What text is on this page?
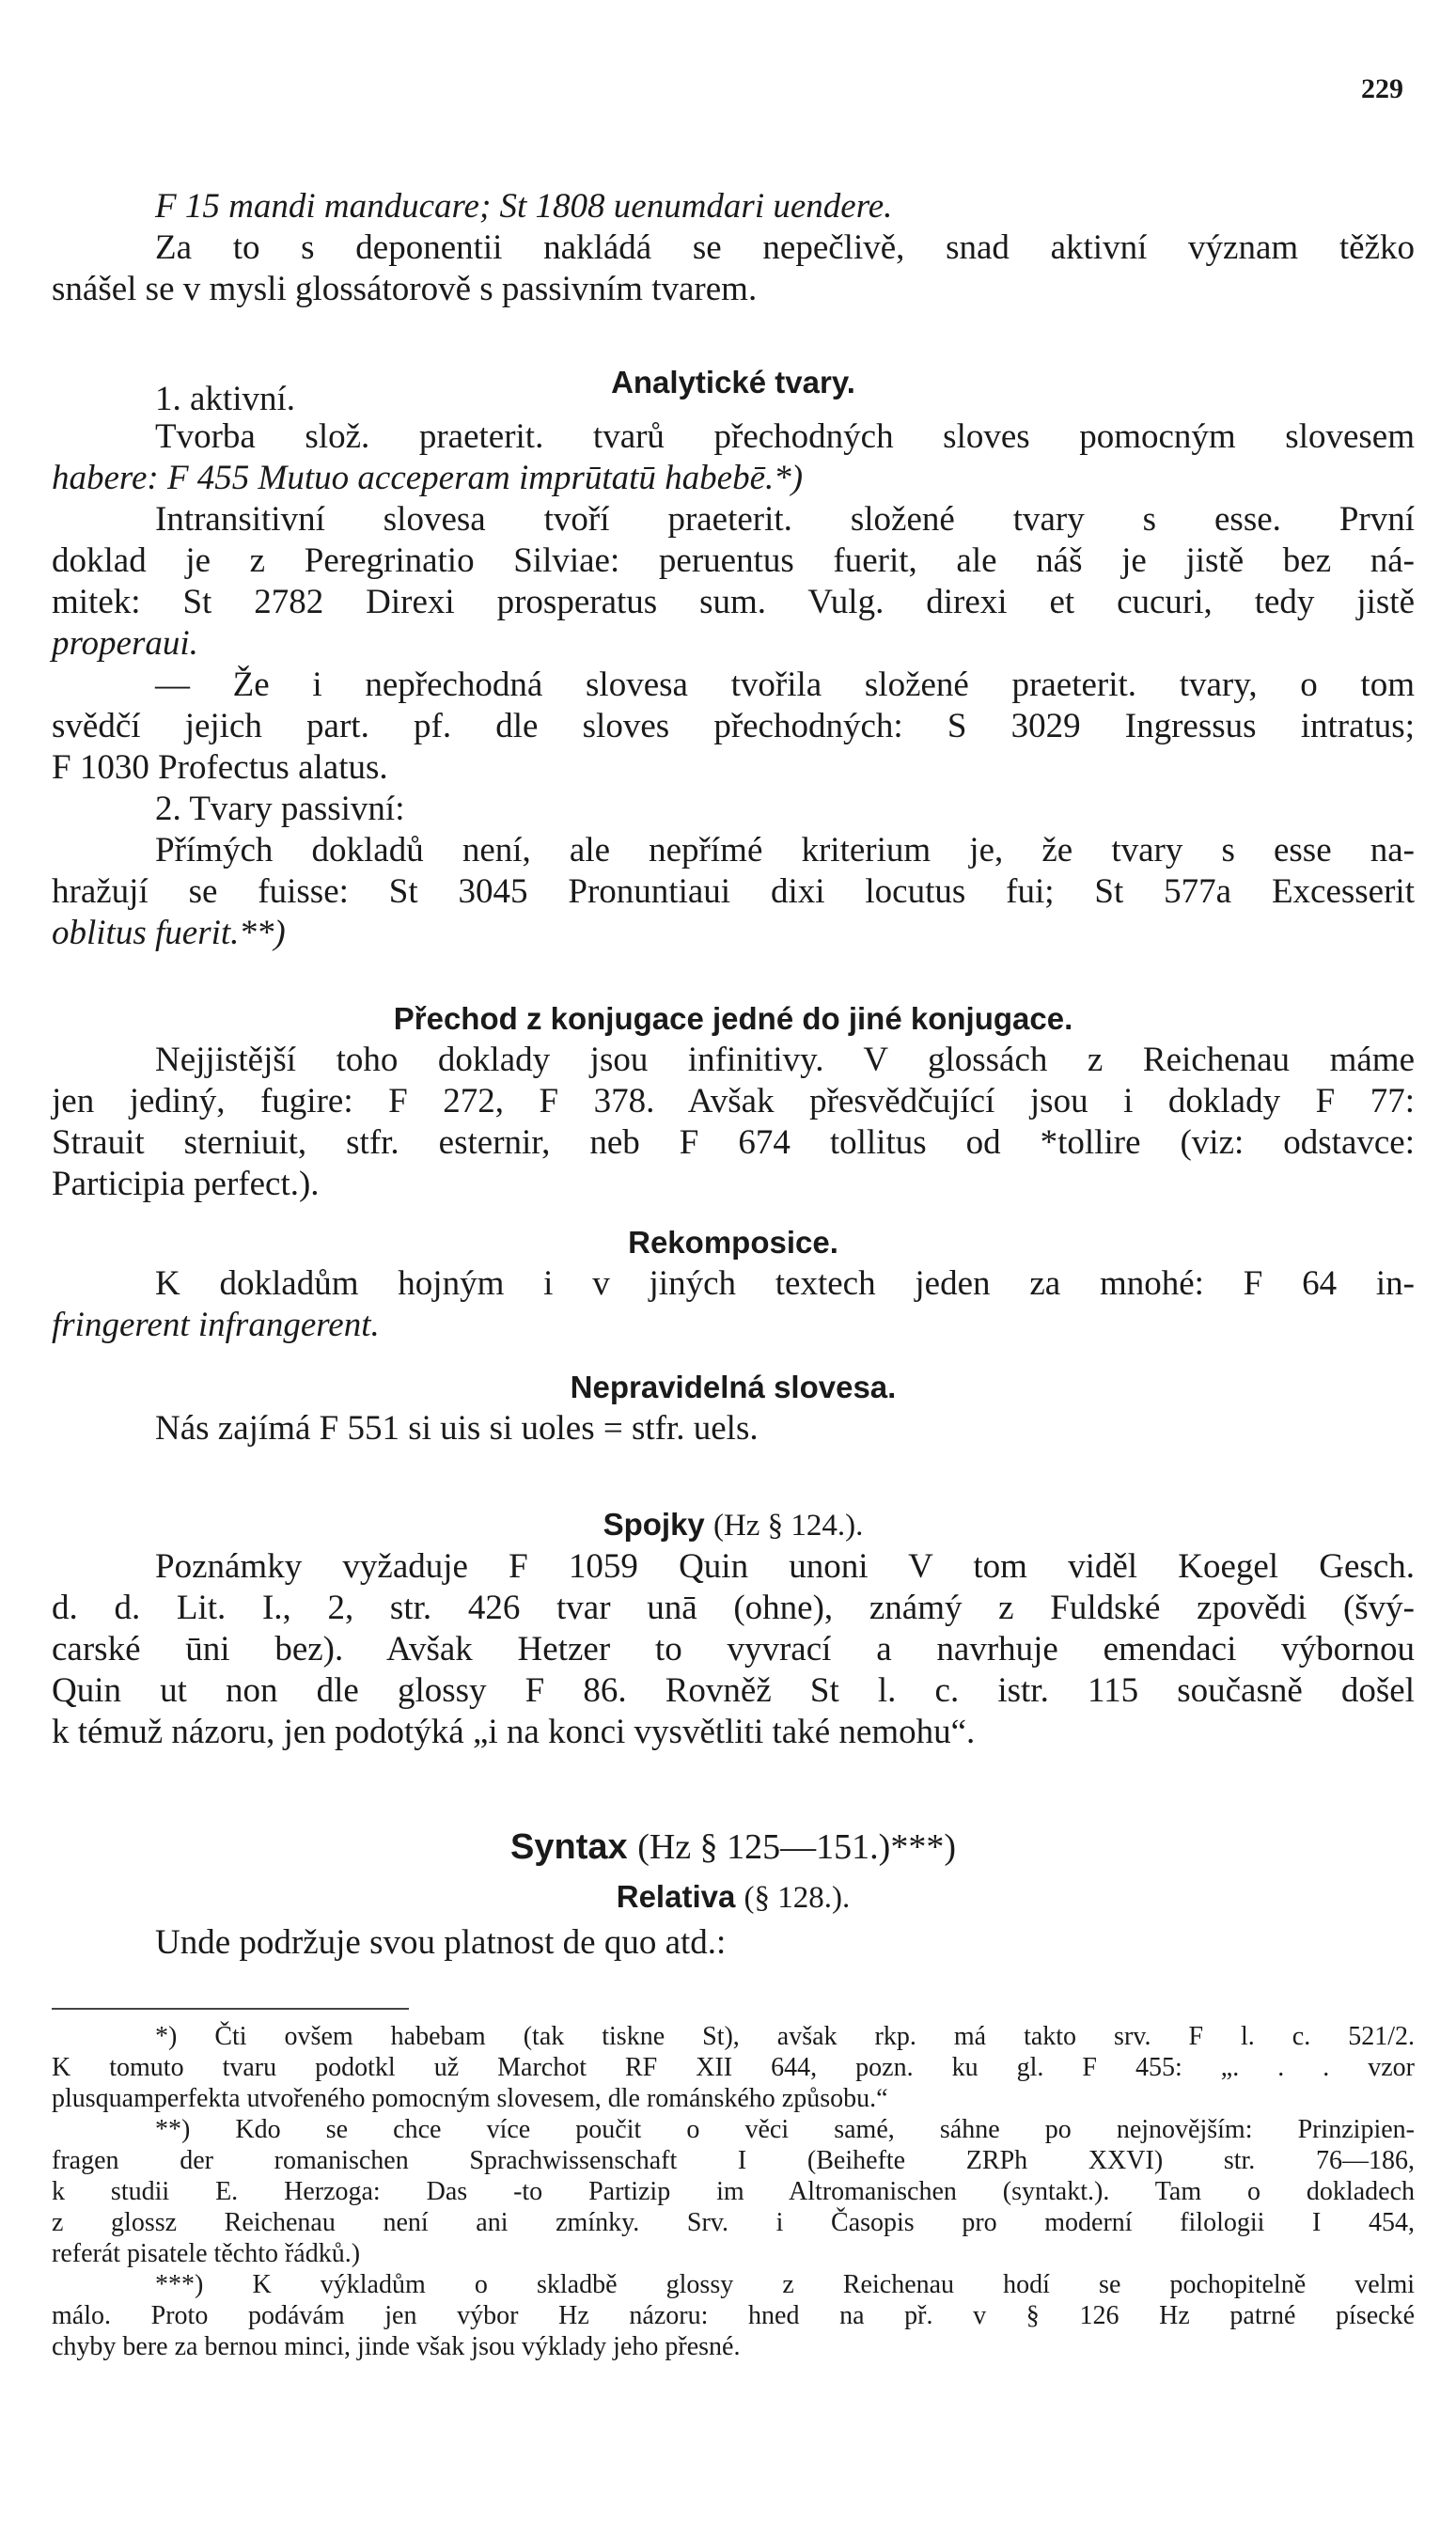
229
F 15 mandi manducare; St 1808 uenumdari uendere.
Za to s deponentii nakládá se nepečlivě, snad aktivní význam těžko
snášel se v mysli glossátorově s passivním tvarem.
Analytické tvary.
1. aktivní.
Tvorba slož. praeterit. tvarů přechodných sloves pomocným slovesem
habere: F 455 Mutuo acceperam imprūtatū habebē.*)
Intransitivní slovesa tvoří praeterit. složené tvary s esse. První
doklad je z Peregrinatio Silviae: peruentus fuerit, ale náš je jistě bez ná-
mitek: St 2782 Direxi prosperatus sum. Vulg. direxi et cucuri, tedy jistě
properaui.
— Že i nepřechodná slovesa tvořila složené praeterit. tvary, o tom
svědčí jejich part. pf. dle sloves přechodných: S 3029 Ingressus intratus;
F 1030 Profectus alatus.
2. Tvary passivní:
Přímých dokladů není, ale nepřímé kriterium je, že tvary s esse na-
hražují se fuisse: St 3045 Pronuntiaui dixi locutus fui; St 577a Excesserit
oblitus fuerit.**)
Přechod z konjugace jedné do jiné konjugace.
Nejjistější toho doklady jsou infinitivy. V glossách z Reichenau máme
jen jediný, fugire: F 272, F 378. Avšak přesvědčující jsou i doklady F 77:
Strauit sterniuit, stfr. esternir, neb F 674 tollitus od *tollire (viz: odstavce:
Participia perfect.).
Rekomposice.
K dokladům hojným i v jiných textech jeden za mnohé: F 64 in-
fringerent infrangerent.
Nepravidelná slovesa.
Nás zajímá F 551 si uis si uoles = stfr. uels.
Spojky (Hz § 124.).
Poznámky vyžaduje F 1059 Quin unoni V tom viděl Koegel Gesch.
d. d. Lit. I., 2, str. 426 tvar unā (ohne), známý z Fuldské zpovědi (švý-
carské ūni bez). Avšak Hetzer to vyvrací a navrhuje emendaci výbornou
Quin ut non dle glossy F 86. Rovněž St l. c. istr. 115 současně došel
k témuž názoru, jen podotýká „i na konci vysvětliti také nemohu“.
Syntax (Hz § 125—151.)***)
Relativa (§ 128.).
Unde podržuje svou platnost de quo atd.:
*) Čti ovšem habebam (tak tiskne St), avšak rkp. má takto srv. F l. c. 521/2.
K tomuto tvaru podotkl už Marchot RF XII 644, pozn. ku gl. F 455: „. . . vzor
plusquamperfekta utvořeného pomocným slovesem, dle románského způsobu.“
**) Kdo se chce více poučit o věci samé, sáhne po nejnovějším: Prinzipien-
fragen der romanischen Sprachwissenschaft I (Beihefte ZRPh XXVI) str. 76—186,
k studii E. Herzoga: Das -to Partizip im Altromanischen (syntakt.). Tam o dokladech
z glossz Reichenau není ani zmínky. Srv. i Časopis pro moderní filologii I 454,
referát pisatele těchto řádků.)
***) K výkladům o skladbě glossy z Reichenau hodí se pochopitelně velmi
málo. Proto podávám jen výbor Hz názoru: hned na př. v § 126 Hz patrné písecké
chyby bere za bernou minci, jinde však jsou výklady jeho přesné.
